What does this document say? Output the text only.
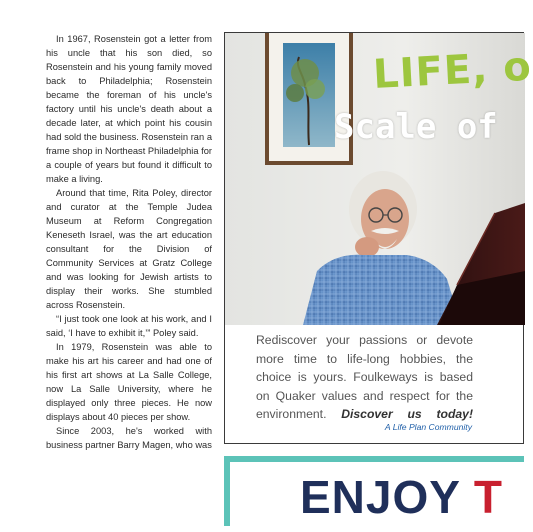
In 1967, Rosenstein got a letter from his uncle that his son died, so Rosenstein and his young family moved back to Philadelphia; Rosenstein became the foreman of his uncle's factory until his uncle's death about a decade later, at which point his cousin had sold the business. Rosenstein ran a frame shop in Northeast Philadelphia for a couple of years but found it difficult to make a living.

Around that time, Rita Poley, director and curator at the Temple Judea Museum at Reform Congregation Keneseth Israel, was the art education consultant for the Division of Community Services at Gratz College and was looking for Jewish artists to display their works. She stumbled across Rosenstein.

“I just took one look at his work, and I said, ‘I have to exhibit it,’” Poley said.

In 1979, Rosenstein was able to make his art his career and had one of his first art shows at La Salle College, now La Salle University, where he displayed only three pieces. He now displays about 40 pieces per show.

Since 2003, he's worked with business partner Barry Magen, who was

LIFE, o
Scale of
Rediscover your passions or devote more time to life-long hobbies, the choice is yours. Foulkeways is based on Quaker values and respect for the environment. Discover us today!
A Life Plan Community
ENJOY T
